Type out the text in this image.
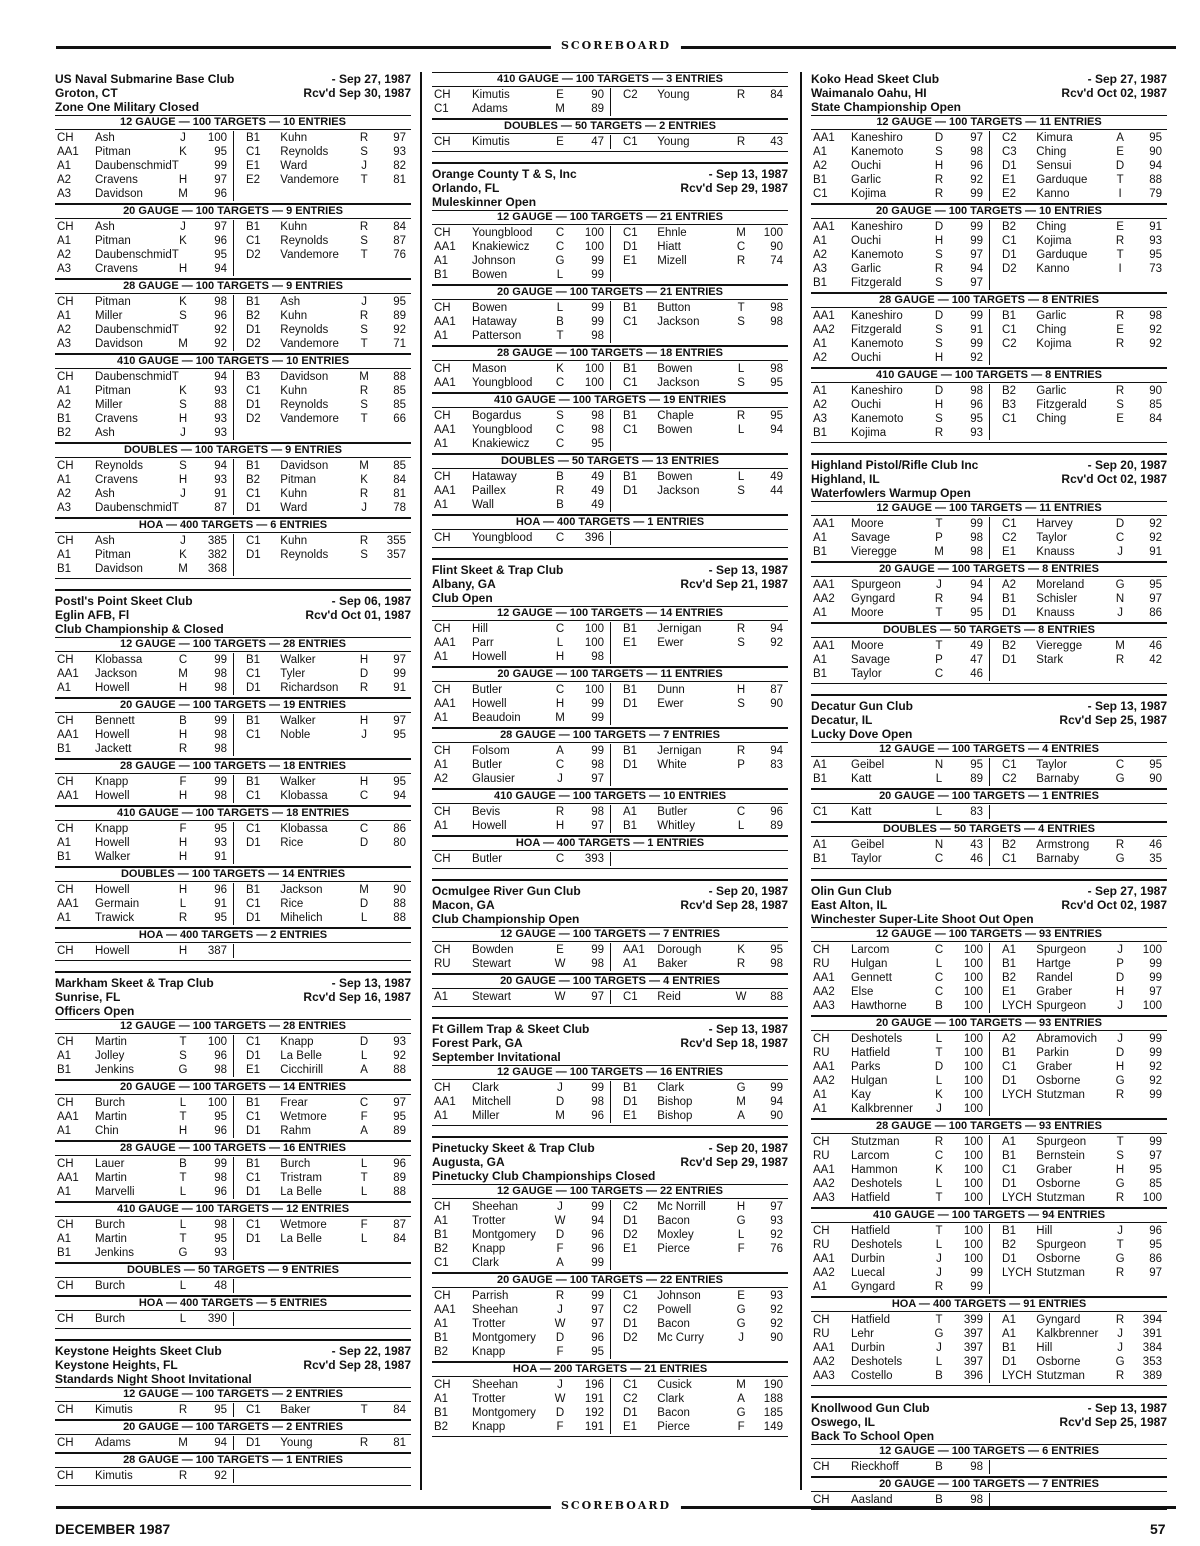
SCOREBOARD
US Naval Submarine Base Club	- Sep 27, 1987
Groton, CT	Rcv'd Sep 30, 1987
Zone One Military Closed
12 GAUGE — 100 TARGETS — 10 ENTRIES
CH	Ash	J	100	B1	Kuhn	R	97
AA1	Pitman	K	95	C1	Reynolds	S	93
A1	DaubenschmidT	99	E1	Ward	J	82
A2	Cravens	H	97	E2	Vandemore	T	81
A3	Davidson	M	96
20 GAUGE — 100 TARGETS — 9 ENTRIES
CH	Ash	J	97	B1	Kuhn	R	84
A1	Pitman	K	96	C1	Reynolds	S	87
A2	DaubenschmidT	95	D2	Vandemore	T	76
A3	Cravens	H	94
28 GAUGE — 100 TARGETS — 9 ENTRIES
CH	Pitman	K	98	B1	Ash	J	95
A1	Miller	S	96	B2	Kuhn	R	89
A2	DaubenschmidT	92	D1	Reynolds	S	92
A3	Davidson	M	92	D2	Vandemore	T	71
410 GAUGE — 100 TARGETS — 10 ENTRIES
CH	DaubenschmidT	94	B3	Davidson	M	88
A1	Pitman	K	93	C1	Kuhn	R	85
A2	Miller	S	88	D1	Reynolds	S	85
B1	Cravens	H	93	D2	Vandemore	T	66
B2	Ash	J	93
DOUBLES — 100 TARGETS — 9 ENTRIES
CH	Reynolds	S	94	B1	Davidson	M	85
A1	Cravens	H	93	B2	Pitman	K	84
A2	Ash	J	91	C1	Kuhn	R	81
A3	DaubenschmidT	87	D1	Ward	J	78
HOA — 400 TARGETS — 6 ENTRIES
CH	Ash	J	385	C1	Kuhn	R	355
A1	Pitman	K	382	D1	Reynolds	S	357
B1	Davidson	M	368
Postl's Point Skeet Club	- Sep 06, 1987
Eglin AFB, Fl	Rcv'd Oct 01, 1987
Club Championship & Closed
12 GAUGE — 100 TARGETS — 28 ENTRIES
CH	Klobassa	C	99	B1	Walker	H	97
AA1	Jackson	M	98	C1	Tyler	D	99
A1	Howell	H	98	D1	Richardson	R	91
20 GAUGE — 100 TARGETS — 19 ENTRIES
CH	Bennett	B	99	B1	Walker	H	97
AA1	Howell	H	98	C1	Noble	J	95
B1	Jackett	R	98
28 GAUGE — 100 TARGETS — 18 ENTRIES
CH	Knapp	F	99	B1	Walker	H	95
AA1	Howell	H	98	C1	Klobassa	C	94
410 GAUGE — 100 TARGETS — 18 ENTRIES
CH	Knapp	F	95	C1	Klobassa	C	86
A1	Howell	H	93	D1	Rice	D	80
B1	Walker	H	91
DOUBLES — 100 TARGETS — 14 ENTRIES
CH	Howell	H	96	B1	Jackson	M	90
AA1	Germain	L	91	C1	Rice	D	88
A1	Trawick	R	95	D1	Mihelich	L	88
HOA — 400 TARGETS — 2 ENTRIES
CH	Howell	H	387
Markham Skeet & Trap Club	- Sep 13, 1987
Sunrise, FL	Rcv'd Sep 16, 1987
Officers Open
12 GAUGE — 100 TARGETS — 28 ENTRIES
CH	Martin	T	100	C1	Knapp	D	93
A1	Jolley	S	96	D1	La Belle	L	92
B1	Jenkins	G	98	E1	Cicchirill	A	88
20 GAUGE — 100 TARGETS — 14 ENTRIES
CH	Burch	L	100	B1	Frear	C	97
AA1	Martin	T	95	C1	Wetmore	F	95
A1	Chin	H	96	D1	Rahm	A	89
28 GAUGE — 100 TARGETS — 16 ENTRIES
CH	Lauer	B	99	B1	Burch	L	96
AA1	Martin	T	98	C1	Tristram	T	89
A1	Marvelli	L	96	D1	La Belle	L	88
410 GAUGE — 100 TARGETS — 12 ENTRIES
CH	Burch	L	98	C1	Wetmore	F	87
A1	Martin	T	95	D1	La Belle	L	84
B1	Jenkins	G	93
DOUBLES — 50 TARGETS — 9 ENTRIES
CH	Burch	L	48
HOA — 400 TARGETS — 5 ENTRIES
CH	Burch	L	390
Keystone Heights Skeet Club	- Sep 22, 1987
Keystone Heights, FL	Rcv'd Sep 28, 1987
Standards Night Shoot Invitational
12 GAUGE — 100 TARGETS — 2 ENTRIES
CH	Kimutis	R	95	C1	Baker	T	84
20 GAUGE — 100 TARGETS — 2 ENTRIES
CH	Adams	M	94	D1	Young	R	81
28 GAUGE — 100 TARGETS — 1 ENTRIES
CH	Kimutis	R	92
410 GAUGE — 100 TARGETS — 3 ENTRIES
CH	Kimutis	E	90	C2	Young	R	84
C1	Adams	M	89
DOUBLES — 50 TARGETS — 2 ENTRIES
CH	Kimutis	E	47	C1	Young	R	43
Orange County T & S, Inc	- Sep 13, 1987
Orlando, FL	Rcv'd Sep 29, 1987
Muleskinner Open
12 GAUGE — 100 TARGETS — 21 ENTRIES
CH	Youngblood	C	100	C1	Ehnle	M	100
AA1	Knakiewicz	C	100	D1	Hiatt	C	90
A1	Johnson	G	99	E1	Mizell	R	74
B1	Bowen	L	99
20 GAUGE — 100 TARGETS — 21 ENTRIES
CH	Bowen	L	99	B1	Button	T	98
AA1	Hataway	B	99	C1	Jackson	S	98
A1	Patterson	T	98
28 GAUGE — 100 TARGETS — 18 ENTRIES
CH	Mason	K	100	B1	Bowen	L	98
AA1	Youngblood	C	100	C1	Jackson	S	95
410 GAUGE — 100 TARGETS — 19 ENTRIES
CH	Bogardus	S	98	B1	Chaple	R	95
AA1	Youngblood	C	98	C1	Bowen	L	94
A1	Knakiewicz	C	95
DOUBLES — 50 TARGETS — 13 ENTRIES
CH	Hataway	B	49	B1	Bowen	L	49
AA1	Paillex	R	49	D1	Jackson	S	44
A1	Wall	B	49
HOA — 400 TARGETS — 1 ENTRIES
CH	Youngblood	C	396
Flint Skeet & Trap Club	- Sep 13, 1987
Albany, GA	Rcv'd Sep 21, 1987
Club Open
12 GAUGE — 100 TARGETS — 14 ENTRIES
CH	Hill	C	100	B1	Jernigan	R	94
AA1	Parr	L	100	E1	Ewer	S	92
A1	Howell	H	98
20 GAUGE — 100 TARGETS — 11 ENTRIES
CH	Butler	C	100	B1	Dunn	H	87
AA1	Howell	H	99	D1	Ewer	S	90
A1	Beaudoin	M	99
28 GAUGE — 100 TARGETS — 7 ENTRIES
CH	Folsom	A	99	B1	Jernigan	R	94
A1	Butler	C	98	D1	White	P	83
A2	Glausier	J	97
410 GAUGE — 100 TARGETS — 10 ENTRIES
CH	Bevis	R	98	A1	Butler	C	96
A1	Howell	H	97	B1	Whitley	L	89
HOA — 400 TARGETS — 1 ENTRIES
CH	Butler	C	393
Ocmulgee River Gun Club	- Sep 20, 1987
Macon, GA	Rcv'd Sep 28, 1987
Club Championship Open
12 GAUGE — 100 TARGETS — 7 ENTRIES
CH	Bowden	E	99	AA1	Dorough	K	95
RU	Stewart	W	98	A1	Baker	R	98
20 GAUGE — 100 TARGETS — 4 ENTRIES
A1	Stewart	W	97	C1	Reid	W	88
Ft Gillem Trap & Skeet Club	- Sep 13, 1987
Forest Park, GA	Rcv'd Sep 18, 1987
September Invitational
12 GAUGE — 100 TARGETS — 16 ENTRIES
CH	Clark	J	99	B1	Clark	G	99
AA1	Mitchell	D	98	D1	Bishop	M	94
A1	Miller	M	96	E1	Bishop	A	90
Pinetucky Skeet & Trap Club	- Sep 20, 1987
Augusta, GA	Rcv'd Sep 29, 1987
Pinetucky Club Championships Closed
12 GAUGE — 100 TARGETS — 22 ENTRIES
CH	Sheehan	J	99	C2	Mc Norrill	H	97
A1	Trotter	W	94	D1	Bacon	G	93
B1	Montgomery	D	96	D2	Moxley	L	92
B2	Knapp	F	96	E1	Pierce	F	76
C1	Clark	A	99
20 GAUGE — 100 TARGETS — 22 ENTRIES
CH	Parrish	R	99	C1	Johnson	E	93
AA1	Sheehan	J	97	C2	Powell	G	92
A1	Trotter	W	97	D1	Bacon	G	92
B1	Montgomery	D	96	D2	Mc Curry	J	90
B2	Knapp	F	95
HOA — 200 TARGETS — 21 ENTRIES
CH	Sheehan	J	196	C1	Cusick	M	190
A1	Trotter	W	191	C2	Clark	A	188
B1	Montgomery	D	192	D1	Bacon	G	185
B2	Knapp	F	191	E1	Pierce	F	149
Koko Head Skeet Club	- Sep 27, 1987
Waimanalo Oahu, HI	Rcv'd Oct 02, 1987
State Championship Open
12 GAUGE — 100 TARGETS — 11 ENTRIES
AA1	Kaneshiro	D	97	C2	Kimura	A	95
A1	Kanemoto	S	98	C3	Ching	E	90
A2	Ouchi	H	96	D1	Sensui	D	94
B1	Garlic	R	92	E1	Garduque	T	88
C1	Kojima	R	99	E2	Kanno	I	79
20 GAUGE — 100 TARGETS — 10 ENTRIES
AA1	Kaneshiro	D	99	B2	Ching	E	91
A1	Ouchi	H	99	C1	Kojima	R	93
A2	Kanemoto	S	97	D1	Garduque	T	95
A3	Garlic	R	94	D2	Kanno	I	73
B1	Fitzgerald	S	97
28 GAUGE — 100 TARGETS — 8 ENTRIES
AA1	Kaneshiro	D	99	B1	Garlic	R	98
AA2	Fitzgerald	S	91	C1	Ching	E	92
A1	Kanemoto	S	99	C2	Kojima	R	92
A2	Ouchi	H	92
410 GAUGE — 100 TARGETS — 8 ENTRIES
A1	Kaneshiro	D	98	B2	Garlic	R	90
A2	Ouchi	H	96	B3	Fitzgerald	S	85
A3	Kanemoto	S	95	C1	Ching	E	84
B1	Kojima	R	93
Highland Pistol/Rifle Club Inc	- Sep 20, 1987
Highland, IL	Rcv'd Oct 02, 1987
Waterfowlers Warmup Open
12 GAUGE — 100 TARGETS — 11 ENTRIES
AA1	Moore	T	99	C1	Harvey	D	92
A1	Savage	P	98	C2	Taylor	C	92
B1	Vieregge	M	98	E1	Knauss	J	91
20 GAUGE — 100 TARGETS — 8 ENTRIES
AA1	Spurgeon	J	94	A2	Moreland	G	95
AA2	Gyngard	R	94	B1	Schisler	N	97
A1	Moore	T	95	D1	Knauss	J	86
DOUBLES — 50 TARGETS — 8 ENTRIES
AA1	Moore	T	49	B2	Vieregge	M	46
A1	Savage	P	47	D1	Stark	R	42
B1	Taylor	C	46
Decatur Gun Club	- Sep 13, 1987
Decatur, IL	Rcv'd Sep 25, 1987
Lucky Dove Open
12 GAUGE — 100 TARGETS — 4 ENTRIES
A1	Geibel	N	95	C1	Taylor	C	95
B1	Katt	L	89	C2	Barnaby	G	90
20 GAUGE — 100 TARGETS — 1 ENTRIES
C1	Katt	L	83
DOUBLES — 50 TARGETS — 4 ENTRIES
A1	Geibel	N	43	B2	Armstrong	R	46
B1	Taylor	C	46	C1	Barnaby	G	35
Olin Gun Club	- Sep 27, 1987
East Alton, IL	Rcv'd Oct 02, 1987
Winchester Super-Lite Shoot Out Open
12 GAUGE — 100 TARGETS — 93 ENTRIES
CH	Larcom	C	100	A1	Spurgeon	J	100
RU	Hulgan	L	100	B1	Hartge	P	99
AA1	Gennett	C	100	B2	Randel	D	99
AA2	Else	C	100	E1	Graber	H	97
AA3	Hawthorne	B	100	LYCH Spurgeon	J	100
20 GAUGE — 100 TARGETS — 93 ENTRIES
CH	Deshotels	L	100	A2	Abramovich	J	99
RU	Hatfield	T	100	B1	Parkin	D	99
AA1	Parks	D	100	C1	Graber	H	92
AA2	Hulgan	L	100	D1	Osborne	G	92
A1	Kay	K	100	LYCH Stutzman	R	99
A1	Kalkbrenner	J	100
28 GAUGE — 100 TARGETS — 93 ENTRIES
CH	Stutzman	R	100	A1	Spurgeon	T	99
RU	Larcom	C	100	B1	Bernstein	S	97
AA1	Hammon	K	100	C1	Graber	H	95
AA2	Deshotels	L	100	D1	Osborne	G	85
AA3	Hatfield	T	100	LYCH Stutzman	R	100
410 GAUGE — 100 TARGETS — 94 ENTRIES
CH	Hatfield	T	100	B1	Hill	J	96
RU	Deshotels	L	100	B2	Spurgeon	T	95
AA1	Durbin	J	100	D1	Osborne	G	86
AA2	Luecal	J	99	LYCH Stutzman	R	97
A1	Gyngard	R	99
HOA — 400 TARGETS — 91 ENTRIES
CH	Hatfield	T	399	A1	Gyngard	R	394
RU	Lehr	G	397	A1	Kalkbrenner	J	391
AA1	Durbin	J	397	B1	Hill	J	384
AA2	Deshotels	L	397	D1	Osborne	G	353
AA3	Costello	B	396	LYCH Stutzman	R	389
Knollwood Gun Club	- Sep 13, 1987
Oswego, IL	Rcv'd Sep 25, 1987
Back To School Open
12 GAUGE — 100 TARGETS — 6 ENTRIES
CH	Rieckhoff	B	98
20 GAUGE — 100 TARGETS — 7 ENTRIES
CH	Aasland	B	98
SCOREBOARD
DECEMBER 1987	57
